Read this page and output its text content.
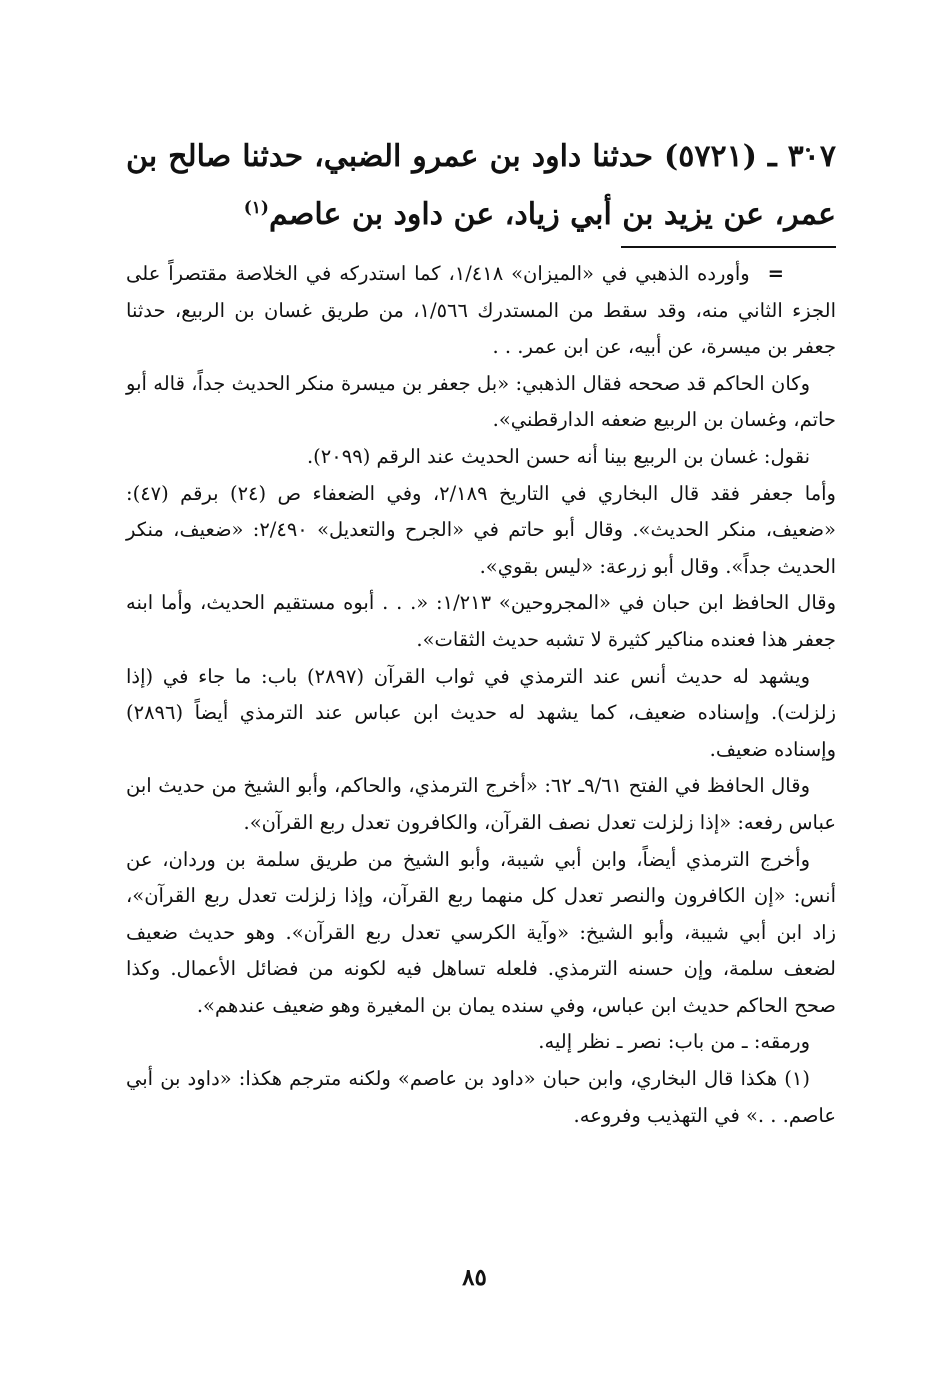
٣٠٧ ـ (٥٧٢١) حدثنا داود بن عمرو الضبي، حدثنا صالح بن عمر، عن يزيد بن أبي زياد، عن داود بن عاصم$^{(١)}$

=وأورده الذهبي في «الميزان» ١/٤١٨، كما استدركه في الخلاصة مقتصراً على الجزء الثاني منه، وقد سقط من المستدرك ١/٥٦٦، من طريق غسان بن الربيع، حدثنا جعفر بن ميسرة، عن أبيه، عن ابن عمر. . .

وكان الحاكم قد صححه فقال الذهبي: «بل جعفر بن ميسرة منكر الحديث جداً، قاله أبو حاتم، وغسان بن الربيع ضعفه الدارقطني».

نقول: غسان بن الربيع بينا أنه حسن الحديث عند الرقم (٢٠٩٩).

وأما جعفر فقد قال البخاري في التاريخ ٢/١٨٩، وفي الضعفاء ص (٢٤) برقم (٤٧): «ضعيف، منكر الحديث». وقال أبو حاتم في «الجرح والتعديل» ٢/٤٩٠: «ضعيف، منكر الحديث جداً». وقال أبو زرعة: «ليس بقوي».

وقال الحافظ ابن حبان في «المجروحين» ١/٢١٣: «. . . أبوه مستقيم الحديث، وأما ابنه جعفر هذا فعنده مناكير كثيرة لا تشبه حديث الثقات».

ويشهد له حديث أنس عند الترمذي في ثواب القرآن (٢٨٩٧) باب: ما جاء في (إذا زلزلت). وإسناده ضعيف، كما يشهد له حديث ابن عباس عند الترمذي أيضاً (٢٨٩٦) وإسناده ضعيف.

وقال الحافظ في الفتح ٩/٦١ـ ٦٢: «أخرج الترمذي، والحاكم، وأبو الشيخ من حديث ابن عباس رفعه: «إذا زلزلت تعدل نصف القرآن، والكافرون تعدل ربع القرآن».

وأخرج الترمذي أيضاً، وابن أبي شيبة، وأبو الشيخ من طريق سلمة بن وردان، عن أنس: «إن الكافرون والنصر تعدل كل منهما ربع القرآن، وإذا زلزلت تعدل ربع القرآن»، زاد ابن أبي شيبة، وأبو الشيخ: «وآية الكرسي تعدل ربع القرآن». وهو حديث ضعيف لضعف سلمة، وإن حسنه الترمذي. فلعله تساهل فيه لكونه من فضائل الأعمال. وكذا صحح الحاكم حديث ابن عباس، وفي سنده يمان بن المغيرة وهو ضعيف عندهم».

ورمقه: ـ من باب: نصر ـ نظر إليه.

(١) هكذا قال البخاري، وابن حبان «داود بن عاصم» ولكنه مترجم هكذا: «داود بن أبي عاصم. . .» في التهذيب وفروعه.

٨٥
